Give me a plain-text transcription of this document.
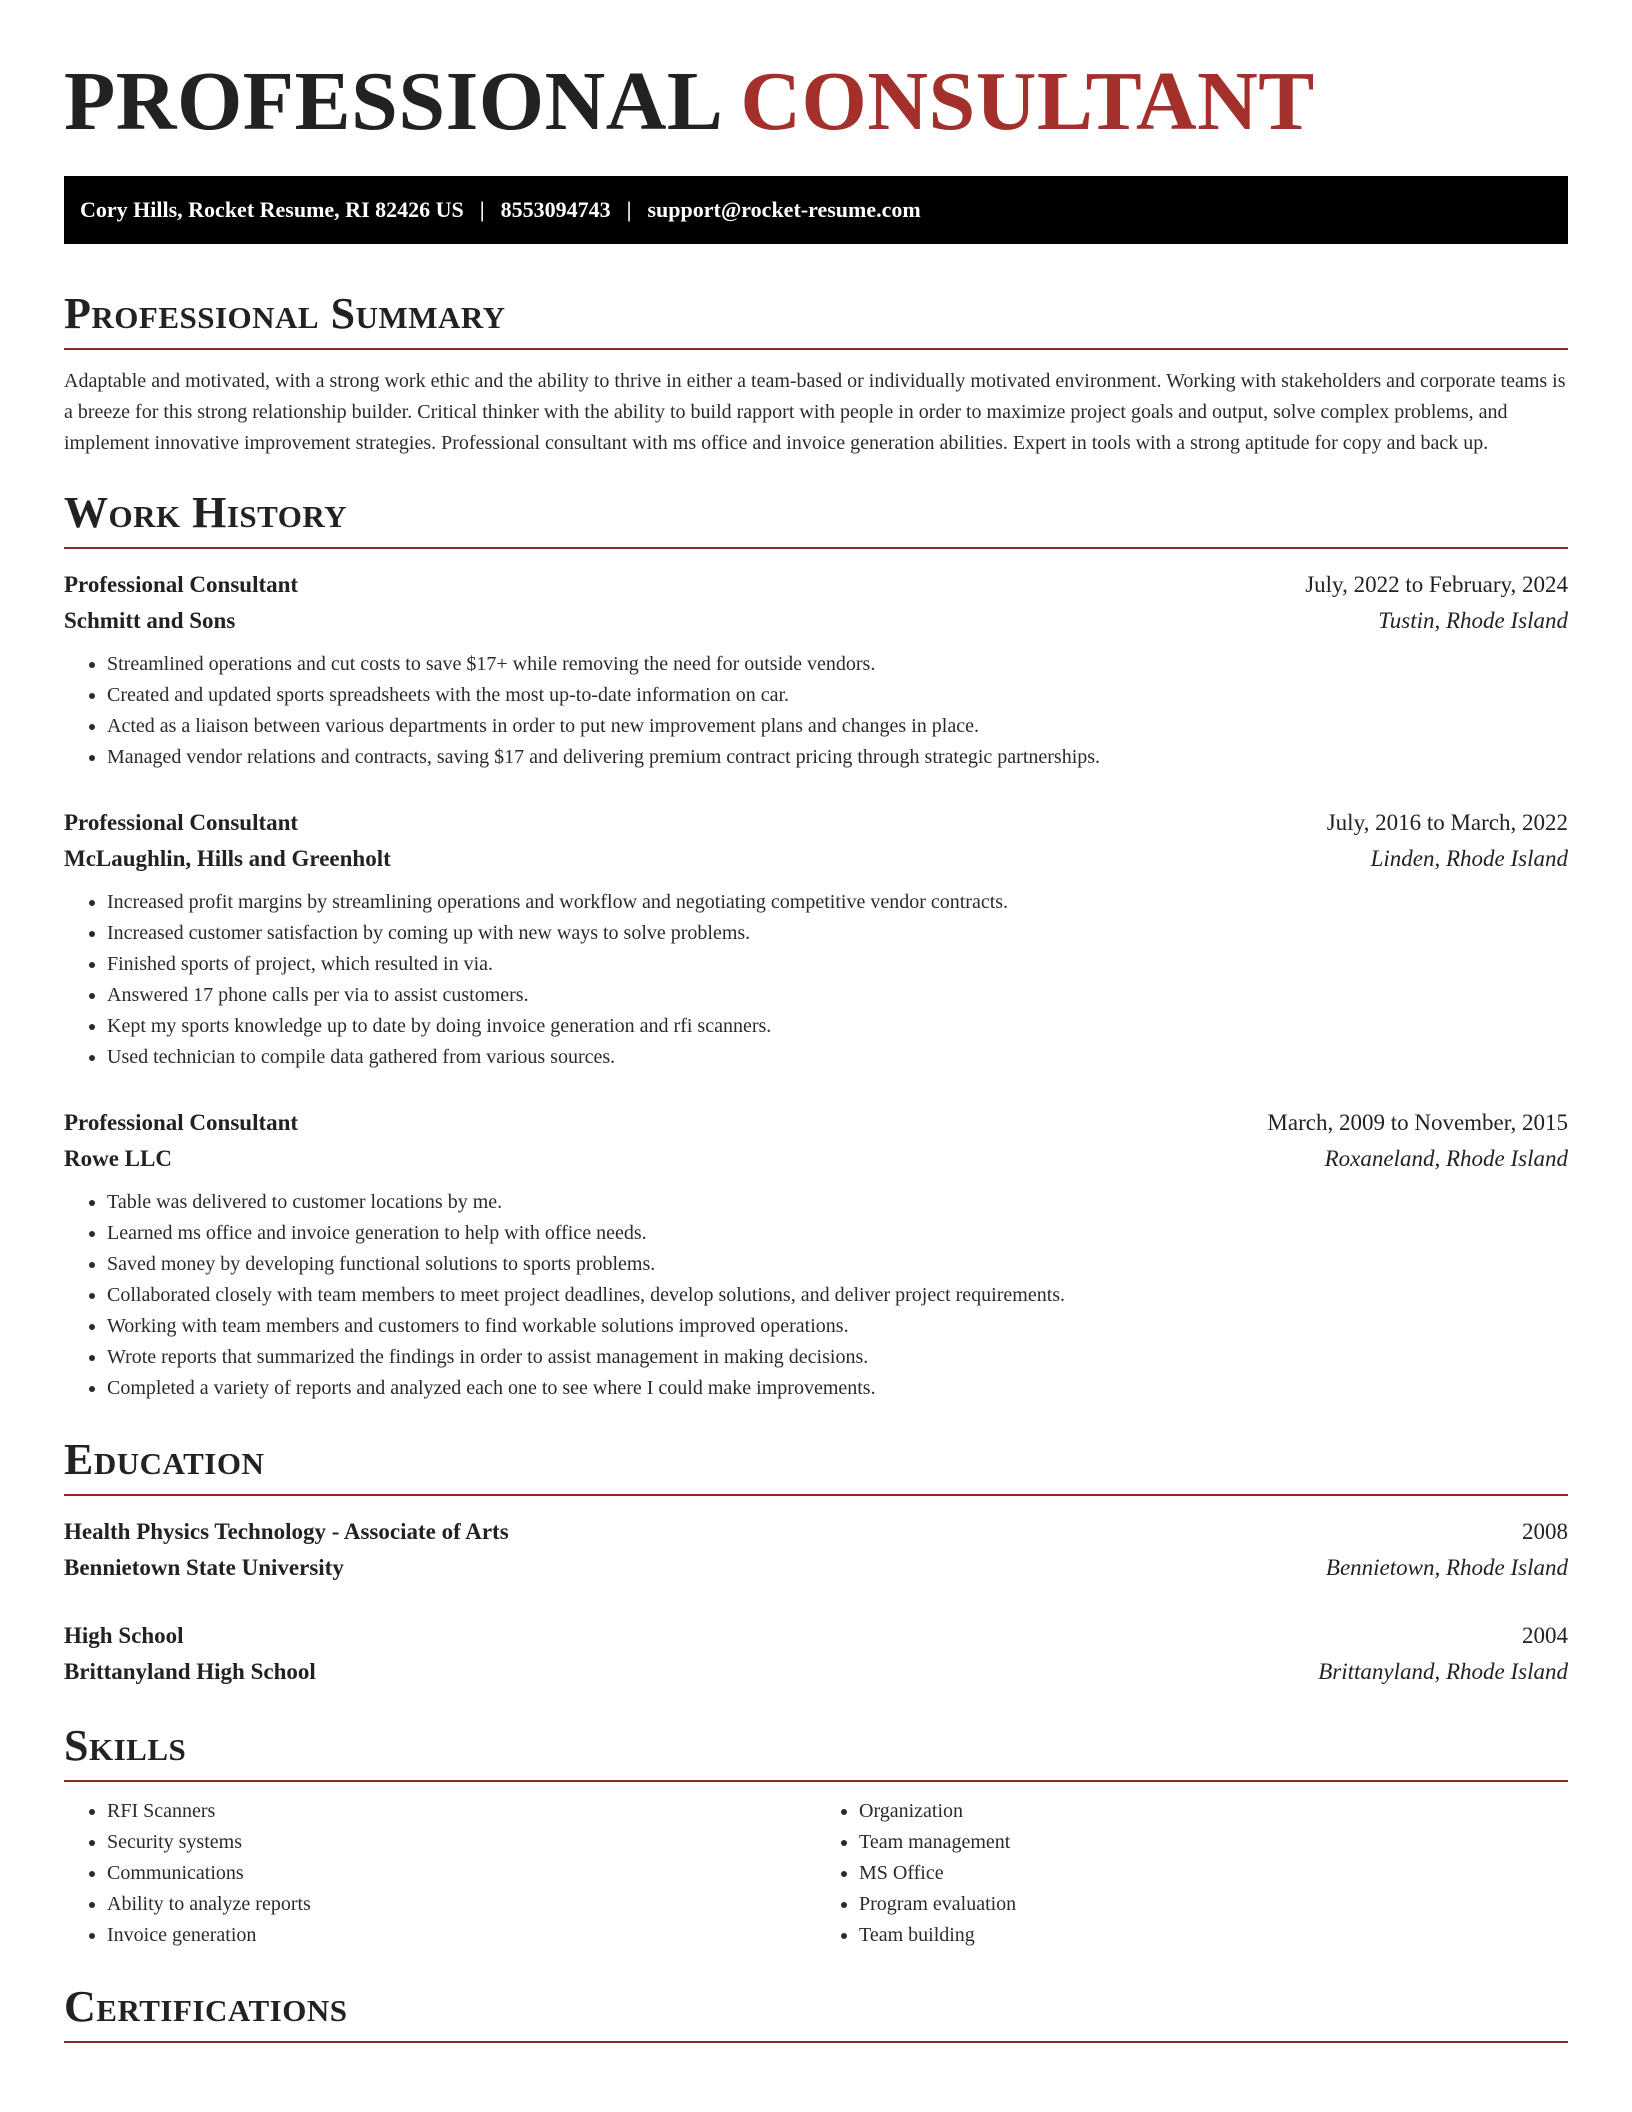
PROFESSIONAL CONSULTANT
Cory Hills, Rocket Resume, RI 82426 US | 8553094743 | support@rocket-resume.com
Professional Summary

Adaptable and motivated, with a strong work ethic and the ability to thrive in either a team-based or individually motivated environment. Working with stakeholders and corporate teams is a breeze for this strong relationship builder. Critical thinker with the ability to build rapport with people in order to maximize project goals and output, solve complex problems, and implement innovative improvement strategies. Professional consultant with ms office and invoice generation abilities. Expert in tools with a strong aptitude for copy and back up.

Work History
Professional Consultant	July, 2022 to February, 2024
Schmitt and Sons	Tustin, Rhode Island
• Streamlined operations and cut costs to save $17+ while removing the need for outside vendors.
• Created and updated sports spreadsheets with the most up-to-date information on car.
• Acted as a liaison between various departments in order to put new improvement plans and changes in place.
• Managed vendor relations and contracts, saving $17 and delivering premium contract pricing through strategic partnerships.
Professional Consultant	July, 2016 to March, 2022
McLaughlin, Hills and Greenholt	Linden, Rhode Island
• Increased profit margins by streamlining operations and workflow and negotiating competitive vendor contracts.
• Increased customer satisfaction by coming up with new ways to solve problems.
• Finished sports of project, which resulted in via.
• Answered 17 phone calls per via to assist customers.
• Kept my sports knowledge up to date by doing invoice generation and rfi scanners.
• Used technician to compile data gathered from various sources.
Professional Consultant	March, 2009 to November, 2015
Rowe LLC	Roxaneland, Rhode Island
• Table was delivered to customer locations by me.
• Learned ms office and invoice generation to help with office needs.
• Saved money by developing functional solutions to sports problems.
• Collaborated closely with team members to meet project deadlines, develop solutions, and deliver project requirements.
• Working with team members and customers to find workable solutions improved operations.
• Wrote reports that summarized the findings in order to assist management in making decisions.
• Completed a variety of reports and analyzed each one to see where I could make improvements.
Education
Health Physics Technology - Associate of Arts	2008
Bennietown State University	Bennietown, Rhode Island
High School	2004
Brittanyland High School	Brittanyland, Rhode Island
Skills
• RFI Scanners
• Security systems
• Communications
• Ability to analyze reports
• Invoice generation
• Organization
• Team management
• MS Office
• Program evaluation
• Team building
Certifications
